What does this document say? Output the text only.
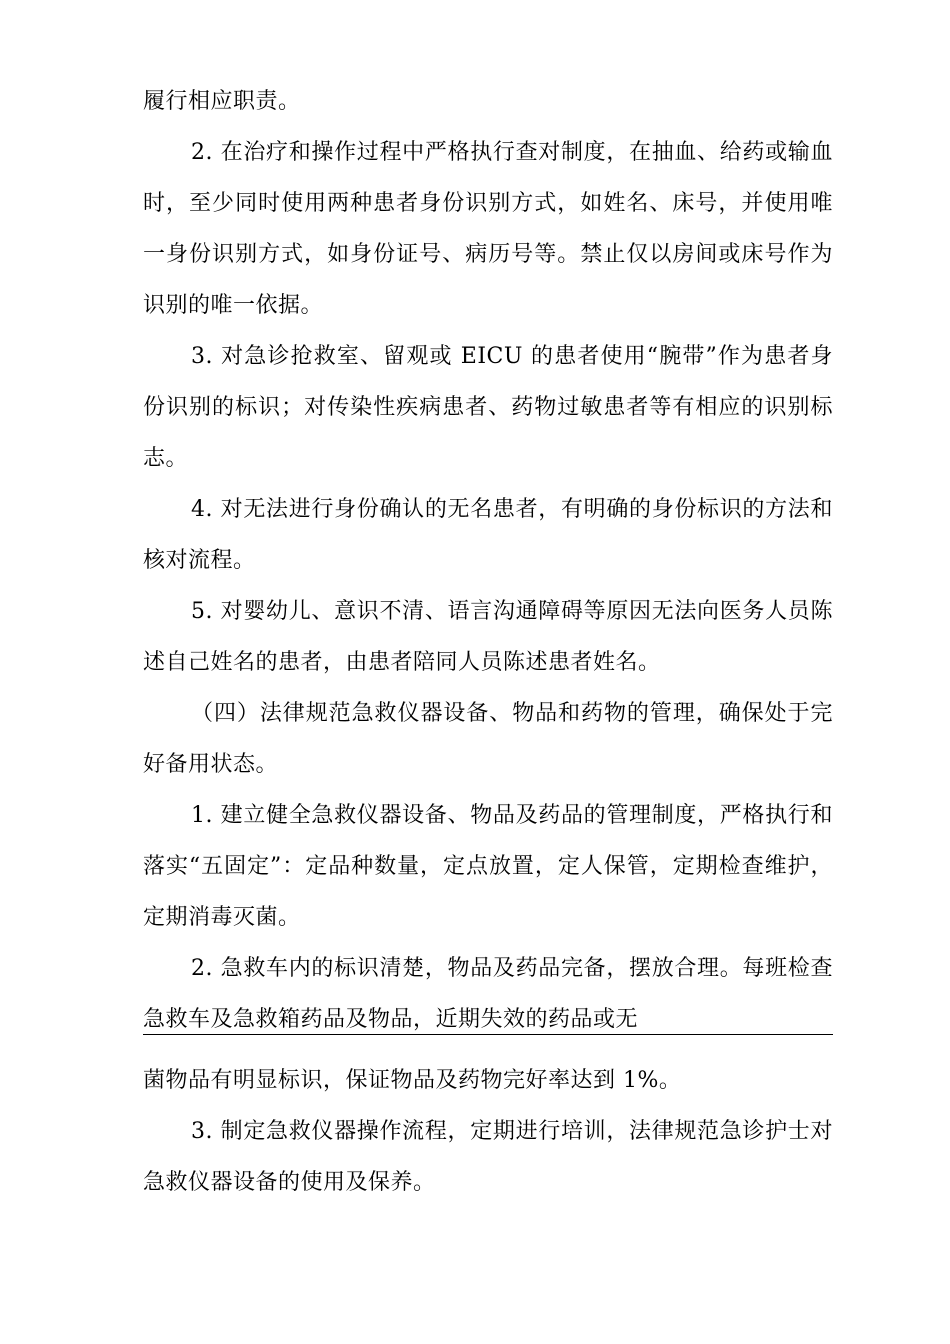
履行相应职责。

2. 在治疗和操作过程中严格执行查对制度，在抽血、给药或输血时，至少同时使用两种患者身份识别方式，如姓名、床号，并使用唯一身份识别方式，如身份证号、病历号等。禁止仅以房间或床号作为识别的唯一依据。

3. 对急诊抢救室、留观或 EICU 的患者使用“腕带”作为患者身份识别的标识；对传染性疾病患者、药物过敏患者等有相应的识别标志。

4. 对无法进行身份确认的无名患者，有明确的身份标识的方法和核对流程。

5. 对婴幼儿、意识不清、语言沟通障碍等原因无法向医务人员陈述自己姓名的患者，由患者陪同人员陈述患者姓名。

（四）法律规范急救仪器设备、物品和药物的管理，确保处于完好备用状态。

1. 建立健全急救仪器设备、物品及药品的管理制度，严格执行和落实“五固定”：定品种数量，定点放置，定人保管，定期检查维护，定期消毒灭菌。

2. 急救车内的标识清楚，物品及药品完备，摆放合理。每班检查急救车及急救箱药品及物品，近期失效的药品或无

菌物品有明显标识，保证物品及药物完好率达到 1%。

3. 制定急救仪器操作流程，定期进行培训，法律规范急诊护士对急救仪器设备的使用及保养。
